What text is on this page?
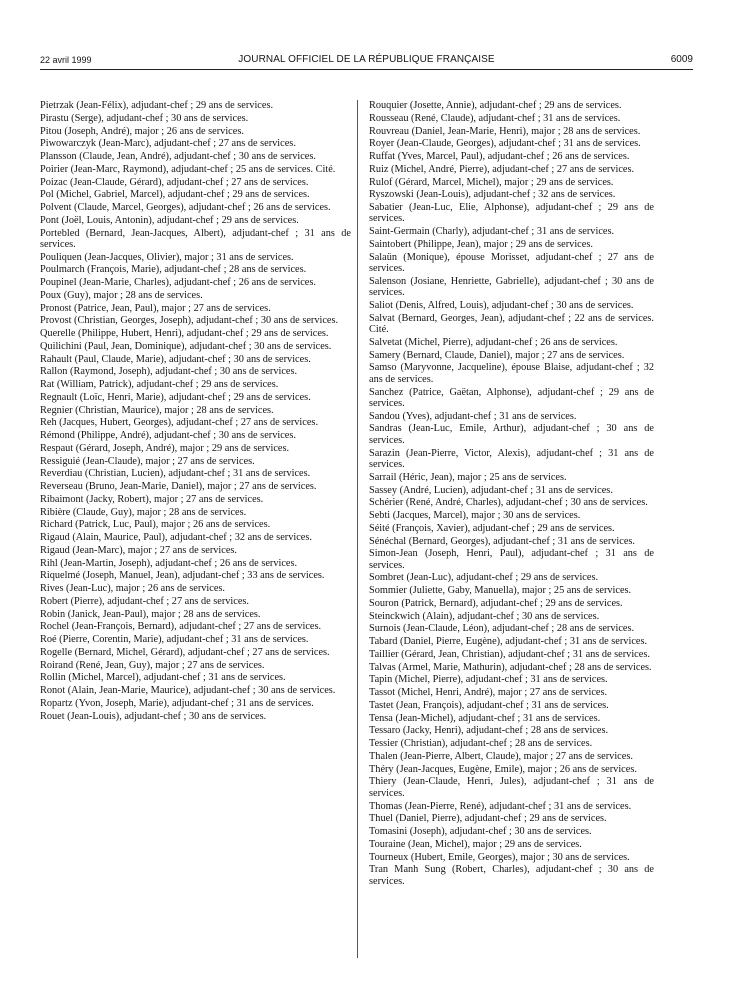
22 avril 1999	JOURNAL OFFICIEL DE LA RÉPUBLIQUE FRANÇAISE	6009
Pietrzak (Jean-Félix), adjudant-chef ; 29 ans de services.
Pirastu (Serge), adjudant-chef ; 30 ans de services.
Pitou (Joseph, André), major ; 26 ans de services.
Piwowarczyk (Jean-Marc), adjudant-chef ; 27 ans de services.
Plansson (Claude, Jean, André), adjudant-chef ; 30 ans de services.
Poirier (Jean-Marc, Raymond), adjudant-chef ; 25 ans de services. Cité.
Poizac (Jean-Claude, Gérard), adjudant-chef ; 27 ans de services.
Pol (Michel, Gabriel, Marcel), adjudant-chef ; 29 ans de services.
Polvent (Claude, Marcel, Georges), adjudant-chef ; 26 ans de services.
Pont (Joël, Louis, Antonin), adjudant-chef ; 29 ans de services.
Portebled (Bernard, Jean-Jacques, Albert), adjudant-chef ; 31 ans de services.
Pouliquen (Jean-Jacques, Olivier), major ; 31 ans de services.
Poulmarch (François, Marie), adjudant-chef ; 28 ans de services.
Poupinel (Jean-Marie, Charles), adjudant-chef ; 26 ans de services.
Poux (Guy), major ; 28 ans de services.
Pronost (Patrice, Jean, Paul), major ; 27 ans de services.
Provost (Christian, Georges, Joseph), adjudant-chef ; 30 ans de services.
Querelle (Philippe, Hubert, Henri), adjudant-chef ; 29 ans de services.
Quilichini (Paul, Jean, Dominique), adjudant-chef ; 30 ans de services.
Rahault (Paul, Claude, Marie), adjudant-chef ; 30 ans de services.
Rallon (Raymond, Joseph), adjudant-chef ; 30 ans de services.
Rat (William, Patrick), adjudant-chef ; 29 ans de services.
Regnault (Loïc, Henri, Marie), adjudant-chef ; 29 ans de services.
Regnier (Christian, Maurice), major ; 28 ans de services.
Reh (Jacques, Hubert, Georges), adjudant-chef ; 27 ans de services.
Rémond (Philippe, André), adjudant-chef ; 30 ans de services.
Respaut (Gérard, Joseph, André), major ; 29 ans de services.
Ressiguié (Jean-Claude), major ; 27 ans de services.
Reverdiau (Christian, Lucien), adjudant-chef ; 31 ans de services.
Reverseau (Bruno, Jean-Marie, Daniel), major ; 27 ans de services.
Ribaimont (Jacky, Robert), major ; 27 ans de services.
Ribière (Claude, Guy), major ; 28 ans de services.
Richard (Patrick, Luc, Paul), major ; 26 ans de services.
Rigaud (Alain, Maurice, Paul), adjudant-chef ; 32 ans de services.
Rigaud (Jean-Marc), major ; 27 ans de services.
Rihl (Jean-Martin, Joseph), adjudant-chef ; 26 ans de services.
Riquelmé (Joseph, Manuel, Jean), adjudant-chef ; 33 ans de services.
Rives (Jean-Luc), major ; 26 ans de services.
Robert (Pierre), adjudant-chef ; 27 ans de services.
Robin (Janick, Jean-Paul), major ; 28 ans de services.
Rochel (Jean-François, Bernard), adjudant-chef ; 27 ans de services.
Roé (Pierre, Corentin, Marie), adjudant-chef ; 31 ans de services.
Rogelle (Bernard, Michel, Gérard), adjudant-chef ; 27 ans de services.
Roirand (René, Jean, Guy), major ; 27 ans de services.
Rollin (Michel, Marcel), adjudant-chef ; 31 ans de services.
Ronot (Alain, Jean-Marie, Maurice), adjudant-chef ; 30 ans de services.
Ropartz (Yvon, Joseph, Marie), adjudant-chef ; 31 ans de services.
Rouet (Jean-Louis), adjudant-chef ; 30 ans de services.
Rouquier (Josette, Annie), adjudant-chef ; 29 ans de services.
Rousseau (René, Claude), adjudant-chef ; 31 ans de services.
Rouvreau (Daniel, Jean-Marie, Henri), major ; 28 ans de services.
Royer (Jean-Claude, Georges), adjudant-chef ; 31 ans de services.
Ruffat (Yves, Marcel, Paul), adjudant-chef ; 26 ans de services.
Ruiz (Michel, André, Pierre), adjudant-chef ; 27 ans de services.
Rulof (Gérard, Marcel, Michel), major ; 29 ans de services.
Ryszowski (Jean-Louis), adjudant-chef ; 32 ans de services.
Sabatier (Jean-Luc, Elie, Alphonse), adjudant-chef ; 29 ans de services.
Saint-Germain (Charly), adjudant-chef ; 31 ans de services.
Saintobert (Philippe, Jean), major ; 29 ans de services.
Salaün (Monique), épouse Morisset, adjudant-chef ; 27 ans de services.
Salenson (Josiane, Henriette, Gabrielle), adjudant-chef ; 30 ans de services.
Saliot (Denis, Alfred, Louis), adjudant-chef ; 30 ans de services.
Salvat (Bernard, Georges, Jean), adjudant-chef ; 22 ans de services. Cité.
Salvetat (Michel, Pierre), adjudant-chef ; 26 ans de services.
Samery (Bernard, Claude, Daniel), major ; 27 ans de services.
Samso (Maryvonne, Jacqueline), épouse Blaise, adjudant-chef ; 32 ans de services.
Sanchez (Patrice, Gaëtan, Alphonse), adjudant-chef ; 29 ans de services.
Sandou (Yves), adjudant-chef ; 31 ans de services.
Sandras (Jean-Luc, Emile, Arthur), adjudant-chef ; 30 ans de services.
Sarazin (Jean-Pierre, Victor, Alexis), adjudant-chef ; 31 ans de services.
Sarrail (Héric, Jean), major ; 25 ans de services.
Sassey (André, Lucien), adjudant-chef ; 31 ans de services.
Schérier (René, André, Charles), adjudant-chef ; 30 ans de services.
Sebti (Jacques, Marcel), major ; 30 ans de services.
Séité (François, Xavier), adjudant-chef ; 29 ans de services.
Sénéchal (Bernard, Georges), adjudant-chef ; 31 ans de services.
Simon-Jean (Joseph, Henri, Paul), adjudant-chef ; 31 ans de services.
Sombret (Jean-Luc), adjudant-chef ; 29 ans de services.
Sommier (Juliette, Gaby, Manuella), major ; 25 ans de services.
Souron (Patrick, Bernard), adjudant-chef ; 29 ans de services.
Steinckwich (Alain), adjudant-chef ; 30 ans de services.
Surnois (Jean-Claude, Léon), adjudant-chef ; 28 ans de services.
Tabard (Daniel, Pierre, Eugène), adjudant-chef ; 31 ans de services.
Taillier (Gérard, Jean, Christian), adjudant-chef ; 31 ans de services.
Talvas (Armel, Marie, Mathurin), adjudant-chef ; 28 ans de services.
Tapin (Michel, Pierre), adjudant-chef ; 31 ans de services.
Tassot (Michel, Henri, André), major ; 27 ans de services.
Tastet (Jean, François), adjudant-chef ; 31 ans de services.
Tensa (Jean-Michel), adjudant-chef ; 31 ans de services.
Tessaro (Jacky, Henri), adjudant-chef ; 28 ans de services.
Tessier (Christian), adjudant-chef ; 28 ans de services.
Thalen (Jean-Pierre, Albert, Claude), major ; 27 ans de services.
Théry (Jean-Jacques, Eugène, Emile), major ; 26 ans de services.
Thiery (Jean-Claude, Henri, Jules), adjudant-chef ; 31 ans de services.
Thomas (Jean-Pierre, René), adjudant-chef ; 31 ans de services.
Thuel (Daniel, Pierre), adjudant-chef ; 29 ans de services.
Tomasini (Joseph), adjudant-chef ; 30 ans de services.
Touraine (Jean, Michel), major ; 29 ans de services.
Tourneux (Hubert, Emile, Georges), major ; 30 ans de services.
Tran Manh Sung (Robert, Charles), adjudant-chef ; 30 ans de services.
